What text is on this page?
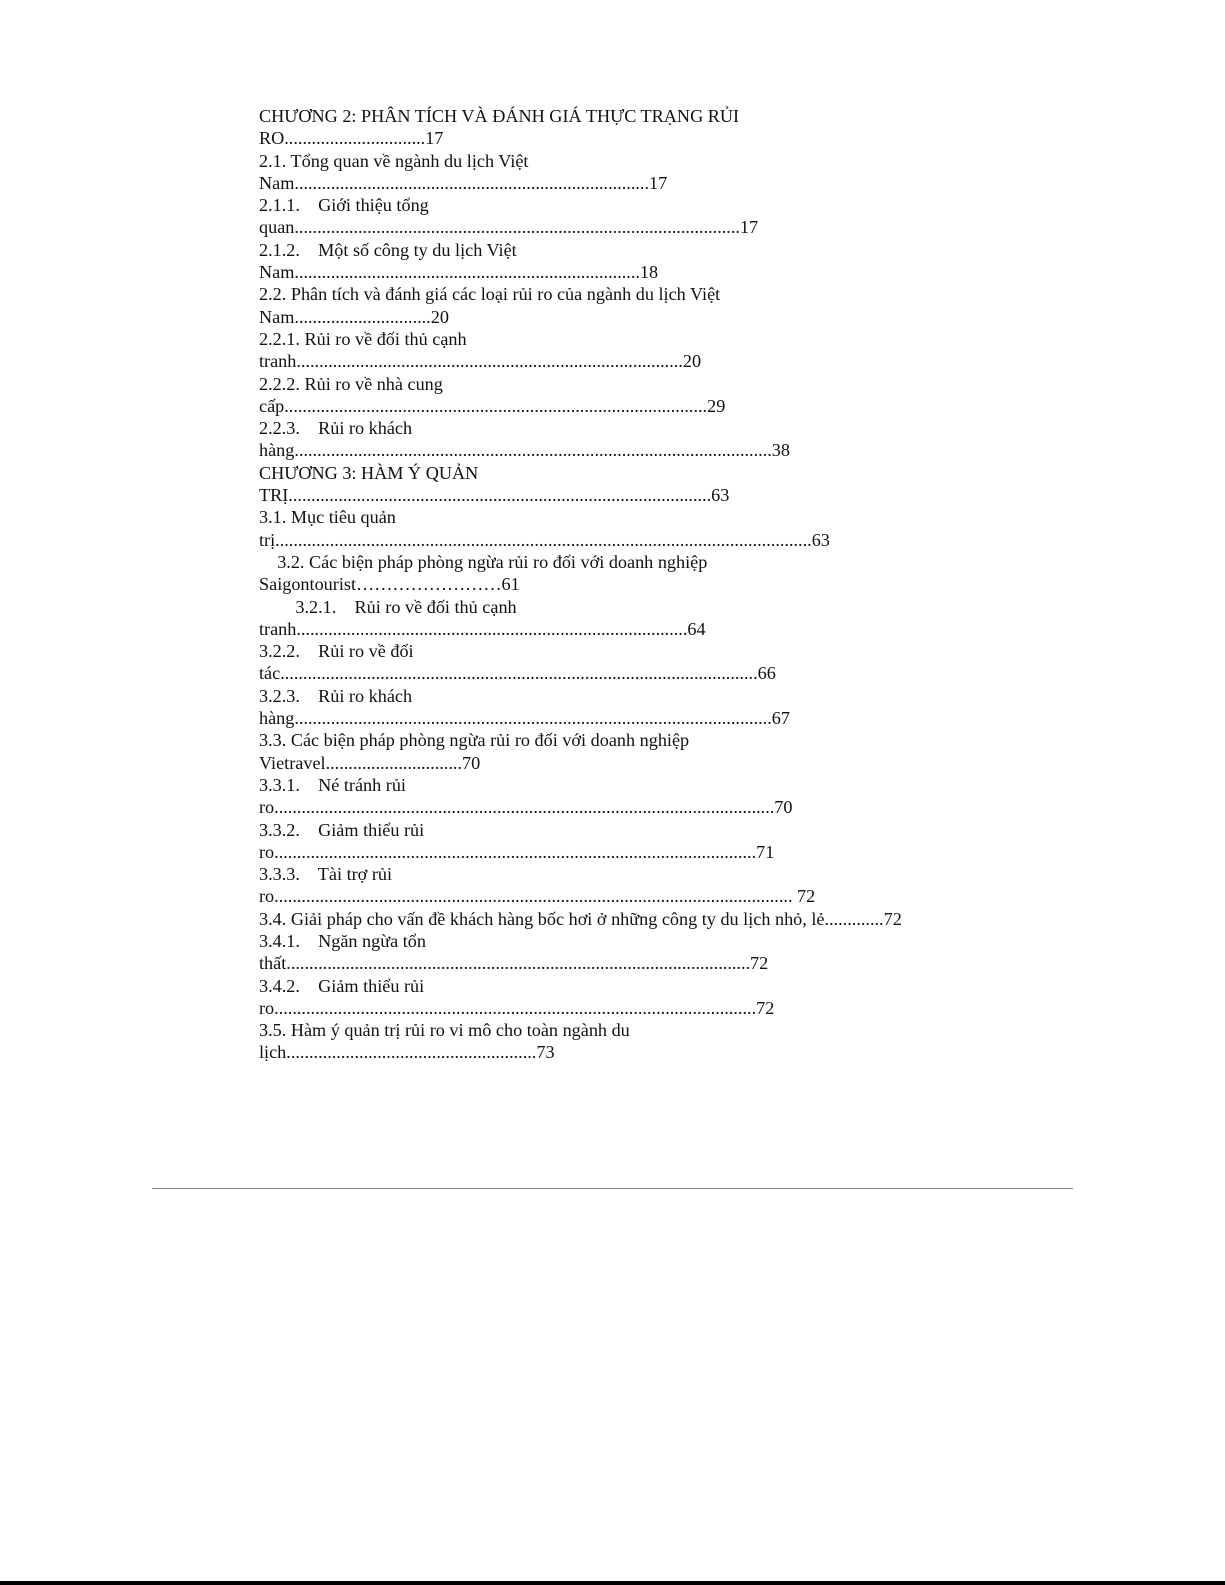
CHƯƠNG 2: PHÂN TÍCH VÀ ĐÁNH GIÁ THỰC TRẠNG RỦI
RO...............................17
2.1. Tổng quan về ngành du lịch Việt
Nam..............................................................................17
2.1.1.    Giới thiệu tổng
quan..................................................................................................17
2.1.2.    Một số công ty du lịch Việt
Nam............................................................................18
2.2. Phân tích và đánh giá các loại rủi ro của ngành du lịch Việt
Nam..............................20
2.2.1. Rủi ro về đối thủ cạnh
tranh.....................................................................................20
2.2.2. Rủi ro về nhà cung
cấp.............................................................................................29
2.2.3.    Rủi ro khách
hàng.........................................................................................................38
CHƯƠNG 3: HÀM Ý QUẢN
TRỊ.............................................................................................63
3.1. Mục tiêu quản
trị......................................................................................................................63
3.2. Các biện pháp phòng ngừa rủi ro đối với doanh nghiệp
Saigontourist……………………61
3.2.1.    Rủi ro về đối thủ cạnh
tranh......................................................................................64
3.2.2.    Rủi ro về đối
tác.........................................................................................................66
3.2.3.    Rủi ro khách
hàng.........................................................................................................67
3.3. Các biện pháp phòng ngừa rủi ro đối với doanh nghiệp
Vietravel..............................70
3.3.1.    Né tránh rủi
ro..............................................................................................................70
3.3.2.    Giảm thiểu rủi
ro..........................................................................................................71
3.3.3.    Tài trợ rủi
ro.................................................................................................................. 72
3.4. Giải pháp cho vấn đề khách hàng bốc hơi ở những công ty du lịch nhỏ, lẻ.............72
3.4.1.    Ngăn ngừa tổn
thất......................................................................................................72
3.4.2.    Giảm thiểu rủi
ro..........................................................................................................72
3.5. Hàm ý quản trị rủi ro vi mô cho toàn ngành du
lịch.......................................................73
